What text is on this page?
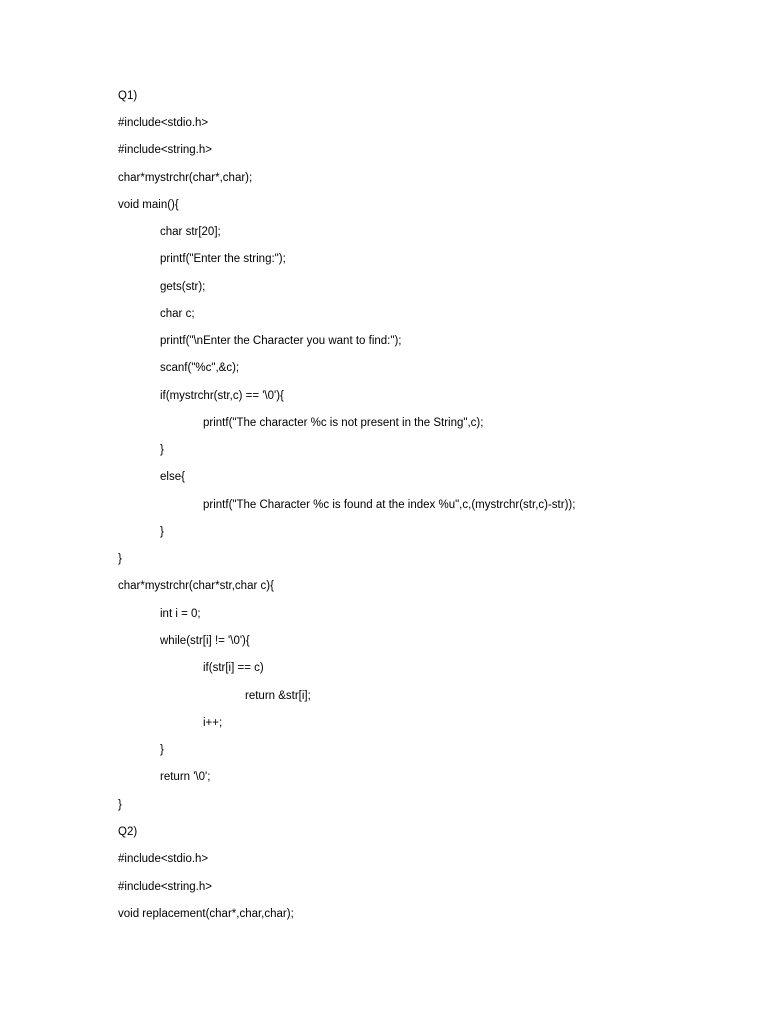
Q1)
#include<stdio.h>
#include<string.h>
char*mystrchr(char*,char);
void main(){
char str[20];
printf("Enter the string:");
gets(str);
char c;
printf("\nEnter the Character you want to find:");
scanf("%c",&c);
if(mystrchr(str,c) == '\0'){
printf("The character %c is not present in the String",c);
}
else{
printf("The Character %c is found at the index %u",c,(mystrchr(str,c)-str));
}
}
char*mystrchr(char*str,char c){
int i = 0;
while(str[i] != '\0'){
if(str[i] == c)
return &str[i];
i++;
}
return '\0';
}
Q2)
#include<stdio.h>
#include<string.h>
void replacement(char*,char,char);
